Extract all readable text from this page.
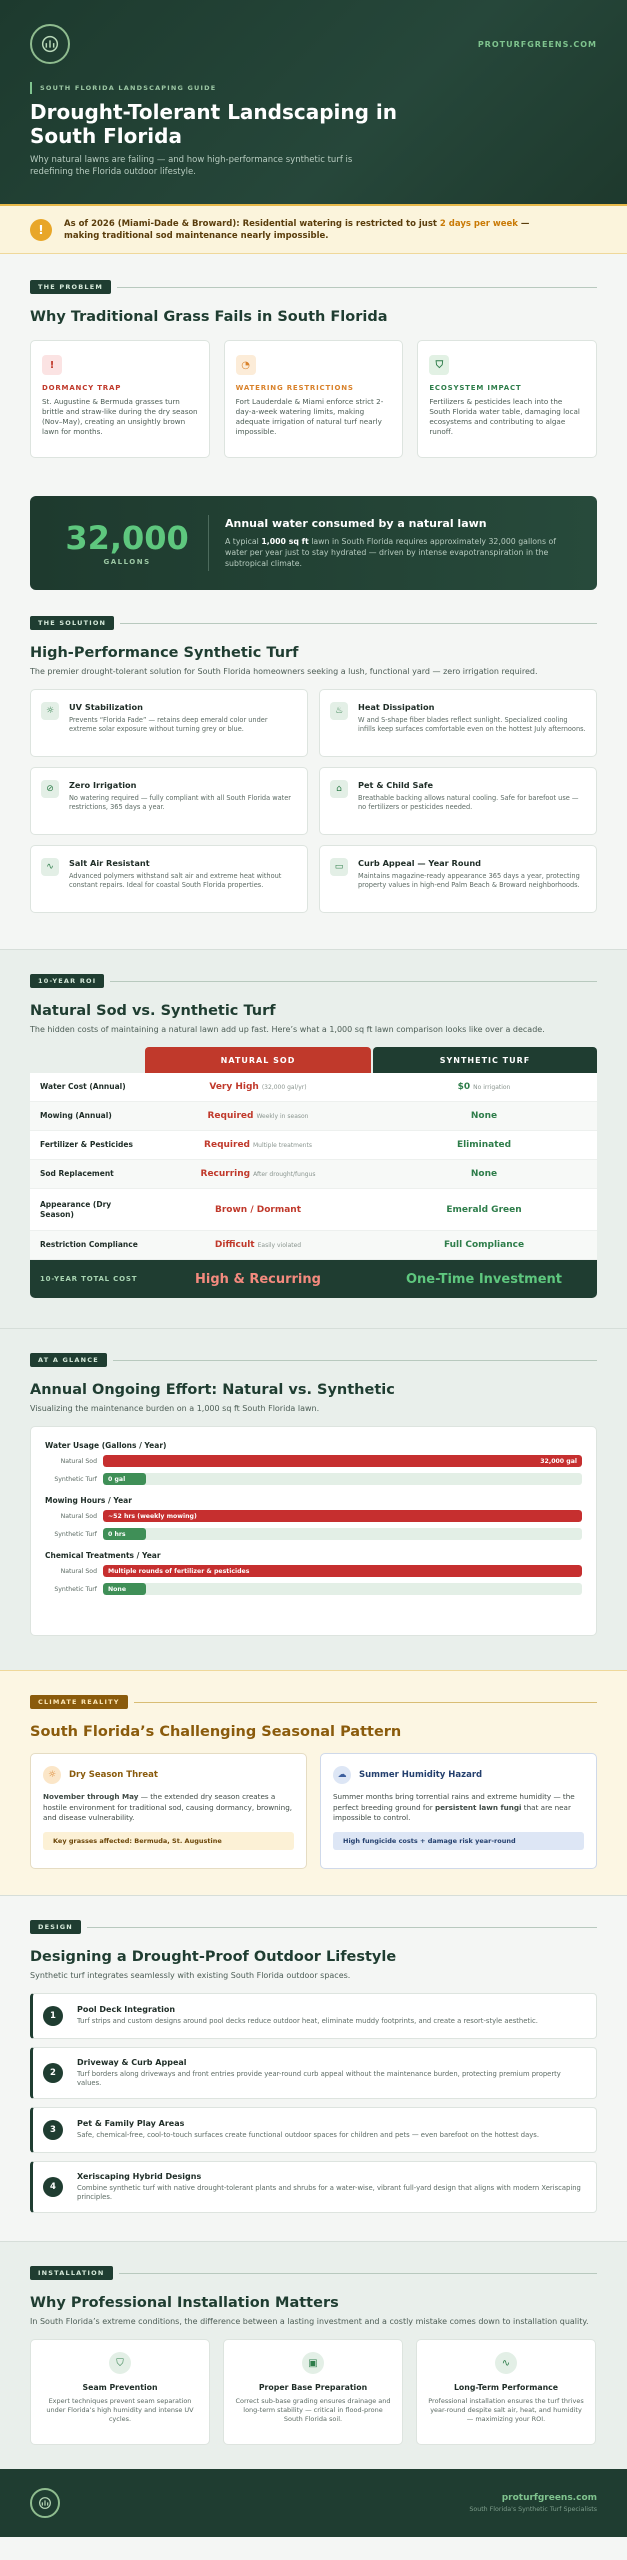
PROTURFGREENS.COM
SOUTH FLORIDA LANDSCAPING GUIDE
Drought-Tolerant Landscaping in South Florida

Why natural lawns are failing — and how high-performance synthetic turf is redefining the Florida outdoor lifestyle.

!	As of 2026 (Miami-Dade & Broward): Residential watering is restricted to just 2 days per week — making traditional sod maintenance nearly impossible.
THE PROBLEM
Why Traditional Grass Fails in South Florida
!
DORMANCY TRAP
St. Augustine & Bermuda grasses turn brittle and straw-like during the dry season (Nov–May), creating an unsightly brown lawn for months.
◔
WATERING RESTRICTIONS
Fort Lauderdale & Miami enforce strict 2-day-a-week watering limits, making adequate irrigation of natural turf nearly impossible.
⛉
ECOSYSTEM IMPACT
Fertilizers & pesticides leach into the South Florida water table, damaging local ecosystems and contributing to algae runoff.
32,000
GALLONS
Annual water consumed by a natural lawn
A typical 1,000 sq ft lawn in South Florida requires approximately 32,000 gallons of water per year just to stay hydrated — driven by intense evapotranspiration in the subtropical climate.
THE SOLUTION
High-Performance Synthetic Turf

The premier drought-tolerant solution for South Florida homeowners seeking a lush, functional yard — zero irrigation required.

☼	UV Stabilization
Prevents “Florida Fade” — retains deep emerald color under extreme solar exposure without turning grey or blue.
♨	Heat Dissipation
W and S-shape fiber blades reflect sunlight. Specialized cooling infills keep surfaces comfortable even on the hottest July afternoons.
⊘	Zero Irrigation
No watering required — fully compliant with all South Florida water restrictions, 365 days a year.
⌂	Pet & Child Safe
Breathable backing allows natural cooling. Safe for barefoot use — no fertilizers or pesticides needed.
∿	Salt Air Resistant
Advanced polymers withstand salt air and extreme heat without constant repairs. Ideal for coastal South Florida properties.
▭	Curb Appeal — Year Round
Maintains magazine-ready appearance 365 days a year, protecting property values in high-end Palm Beach & Broward neighborhoods.
10-YEAR ROI
Natural Sod vs. Synthetic Turf

The hidden costs of maintaining a natural lawn add up fast. Here’s what a 1,000 sq ft lawn comparison looks like over a decade.

NATURAL SOD	SYNTHETIC TURF
Water Cost (Annual)	Very High (32,000 gal/yr)	$0 No irrigation
Mowing (Annual)	Required Weekly in season	None
Fertilizer & Pesticides	Required Multiple treatments	Eliminated
Sod Replacement	Recurring After drought/fungus	None
Appearance (Dry Season)	Brown / Dormant	Emerald Green
Restriction Compliance	Difficult Easily violated	Full Compliance
10-YEAR TOTAL COST	High & Recurring	One-Time Investment
AT A GLANCE
Annual Ongoing Effort: Natural vs. Synthetic

Visualizing the maintenance burden on a 1,000 sq ft South Florida lawn.

Water Usage (Gallons / Year)
Natural Sod	32,000 gal
Synthetic Turf	0 gal
Mowing Hours / Year
Natural Sod	~52 hrs (weekly mowing)
Synthetic Turf	0 hrs
Chemical Treatments / Year
Natural Sod	Multiple rounds of fertilizer & pesticides
Synthetic Turf	None
CLIMATE REALITY
South Florida’s Challenging Seasonal Pattern
☼	Dry Season Threat
November through May — the extended dry season creates a hostile environment for traditional sod, causing dormancy, browning, and disease vulnerability.
Key grasses affected: Bermuda, St. Augustine
☁	Summer Humidity Hazard
Summer months bring torrential rains and extreme humidity — the perfect breeding ground for persistent lawn fungi that are near impossible to control.
High fungicide costs + damage risk year-round
DESIGN
Designing a Drought-Proof Outdoor Lifestyle

Synthetic turf integrates seamlessly with existing South Florida outdoor spaces.

1
Pool Deck Integration
Turf strips and custom designs around pool decks reduce outdoor heat, eliminate muddy footprints, and create a resort-style aesthetic.
2
Driveway & Curb Appeal
Turf borders along driveways and front entries provide year-round curb appeal without the maintenance burden, protecting premium property values.
3
Pet & Family Play Areas
Safe, chemical-free, cool-to-touch surfaces create functional outdoor spaces for children and pets — even barefoot on the hottest days.
4
Xeriscaping Hybrid Designs
Combine synthetic turf with native drought-tolerant plants and shrubs for a water-wise, vibrant full-yard design that aligns with modern Xeriscaping principles.
INSTALLATION
Why Professional Installation Matters

In South Florida’s extreme conditions, the difference between a lasting investment and a costly mistake comes down to installation quality.

⛉
Seam Prevention
Expert techniques prevent seam separation under Florida’s high humidity and intense UV cycles.
▣
Proper Base Preparation
Correct sub-base grading ensures drainage and long-term stability — critical in flood-prone South Florida soil.
∿
Long-Term Performance
Professional installation ensures the turf thrives year-round despite salt air, heat, and humidity — maximizing your ROI.
proturfgreens.com
South Florida's Synthetic Turf Specialists
